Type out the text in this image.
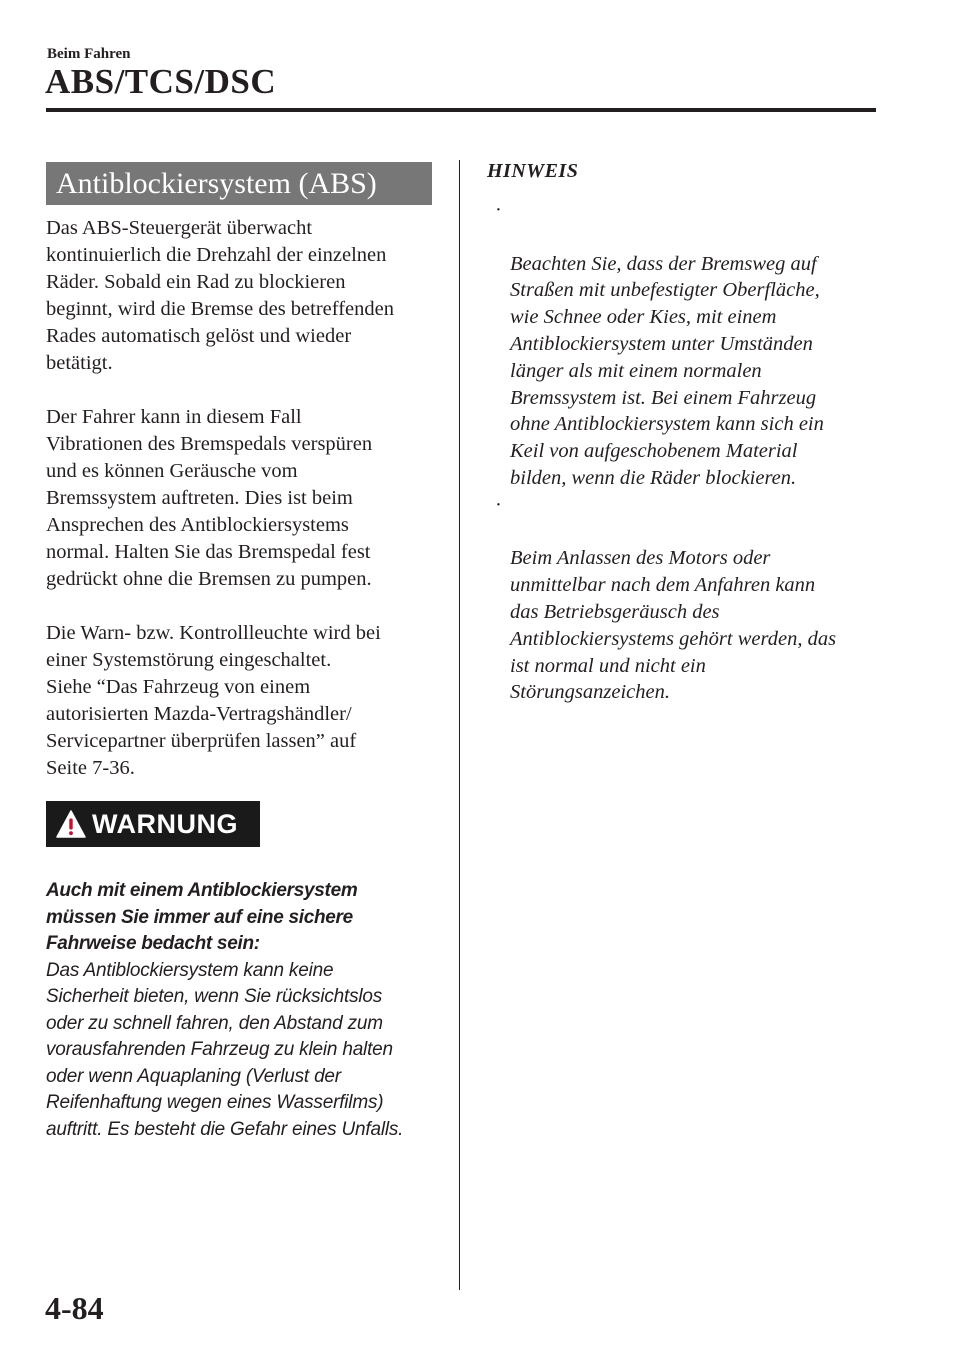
Beim Fahren
ABS/TCS/DSC
Antiblockiersystem (ABS)

Das ABS-Steuergerät überwacht
kontinuierlich die Drehzahl der einzelnen
Räder. Sobald ein Rad zu blockieren
beginnt, wird die Bremse des betreffenden
Rades automatisch gelöst und wieder
betätigt.

Der Fahrer kann in diesem Fall
Vibrationen des Bremspedals verspüren
und es können Geräusche vom
Bremssystem auftreten. Dies ist beim
Ansprechen des Antiblockiersystems
normal. Halten Sie das Bremspedal fest
gedrückt ohne die Bremsen zu pumpen.

Die Warn- bzw. Kontrollleuchte wird bei
einer Systemstörung eingeschaltet.
Siehe “Das Fahrzeug von einem
autorisierten Mazda-Vertragshändler/
Servicepartner überprüfen lassen” auf
Seite 7-36.

WARNUNG
Auch mit einem Antiblockiersystem
müssen Sie immer auf eine sichere
Fahrweise bedacht sein:
Das Antiblockiersystem kann keine
Sicherheit bieten, wenn Sie rücksichtslos
oder zu schnell fahren, den Abstand zum
vorausfahrenden Fahrzeug zu klein halten
oder wenn Aquaplaning (Verlust der
Reifenhaftung wegen eines Wasserfilms)
auftritt. Es besteht die Gefahr eines Unfalls.
HINWEIS

·

Beachten Sie, dass der Bremsweg auf
Straßen mit unbefestigter Oberfläche,
wie Schnee oder Kies, mit einem
Antiblockiersystem unter Umständen
länger als mit einem normalen
Bremssystem ist. Bei einem Fahrzeug
ohne Antiblockiersystem kann sich ein
Keil von aufgeschobenem Material
bilden, wenn die Räder blockieren.

·

Beim Anlassen des Motors oder
unmittelbar nach dem Anfahren kann
das Betriebsgeräusch des
Antiblockiersystems gehört werden, das
ist normal und nicht ein
Störungsanzeichen.

4-84
